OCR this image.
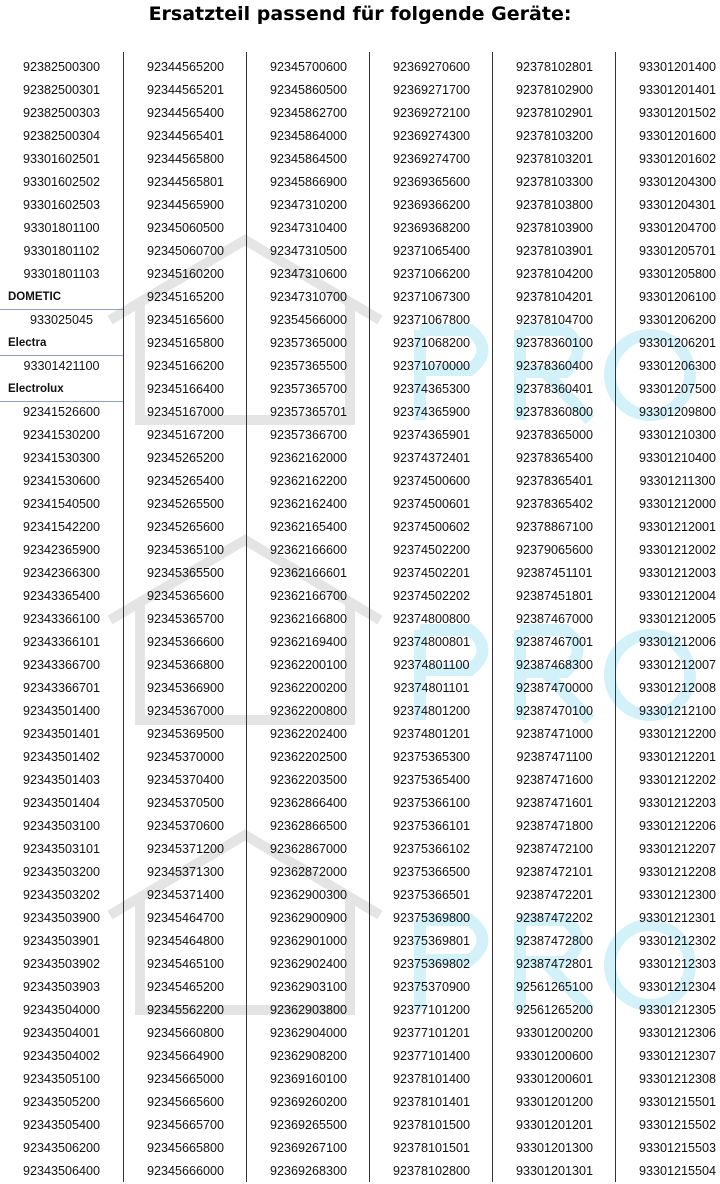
Ersatzteil passend für folgende Geräte:
92382500300
92382500301
92382500303
92382500304
93301602501
93301602502
93301602503
93301801100
93301801102
93301801103
DOMETIC
933025045
Electra
93301421100
Electrolux
92341526600
92341530200
92341530300
92341530600
92341540500
92341542200
92342365900
92342366300
92343365400
92343366100
92343366101
92343366700
92343366701
92343501400
92343501401
92343501402
92343501403
92343501404
92343503100
92343503101
92343503200
92343503202
92343503900
92343503901
92343503902
92343503903
92343504000
92343504001
92343504002
92343505100
92343505200
92343505400
92343506200
92343506400
92344565200
92344565201
92344565400
92344565401
92344565800
92344565801
92344565900
92345060500
92345060700
92345160200
92345165200
92345165600
92345165800
92345166200
92345166400
92345167000
92345167200
92345265200
92345265400
92345265500
92345265600
92345365100
92345365500
92345365600
92345365700
92345366600
92345366800
92345366900
92345367000
92345369500
92345370000
92345370400
92345370500
92345370600
92345371200
92345371300
92345371400
92345464700
92345464800
92345465100
92345465200
92345562200
92345660800
92345664900
92345665000
92345665600
92345665700
92345665800
92345666000
92345700600
92345860500
92345862700
92345864000
92345864500
92345866900
92347310200
92347310400
92347310500
92347310600
92347310700
92354566000
92357365000
92357365500
92357365700
92357365701
92357366700
92362162000
92362162200
92362162400
92362165400
92362166600
92362166601
92362166700
92362166800
92362169400
92362200100
92362200200
92362200800
92362202400
92362202500
92362203500
92362866400
92362866500
92362867000
92362872000
92362900300
92362900900
92362901000
92362902400
92362903100
92362903800
92362904000
92362908200
92369160100
92369260200
92369265500
92369267100
92369268300
92369270600
92369271700
92369272100
92369274300
92369274700
92369365600
92369366200
92369368200
92371065400
92371066200
92371067300
92371067800
92371068200
92371070000
92374365300
92374365900
92374365901
92374372401
92374500600
92374500601
92374500602
92374502200
92374502201
92374502202
92374800800
92374800801
92374801100
92374801101
92374801200
92374801201
92375365300
92375365400
92375366100
92375366101
92375366102
92375366500
92375366501
92375369800
92375369801
92375369802
92375370900
92377101200
92377101201
92377101400
92378101400
92378101401
92378101500
92378101501
92378102800
92378102801
92378102900
92378102901
92378103200
92378103201
92378103300
92378103800
92378103900
92378103901
92378104200
92378104201
92378104700
92378360100
92378360400
92378360401
92378360800
92378365000
92378365400
92378365401
92378365402
92378867100
92379065600
92387451101
92387451801
92387467000
92387467001
92387468300
92387470000
92387470100
92387471000
92387471100
92387471600
92387471601
92387471800
92387472100
92387472101
92387472201
92387472202
92387472800
92387472801
92561265100
92561265200
93301200200
93301200600
93301200601
93301201200
93301201201
93301201300
93301201301
93301201400
93301201401
93301201502
93301201600
93301201602
93301204300
93301204301
93301204700
93301205701
93301205800
93301206100
93301206200
93301206201
93301206300
93301207500
93301209800
93301210300
93301210400
93301211300
93301212000
93301212001
93301212002
93301212003
93301212004
93301212005
93301212006
93301212007
93301212008
93301212100
93301212200
93301212201
93301212202
93301212203
93301212206
93301212207
93301212208
93301212300
93301212301
93301212302
93301212303
93301212304
93301212305
93301212306
93301212307
93301212308
93301215501
93301215502
93301215503
93301215504
